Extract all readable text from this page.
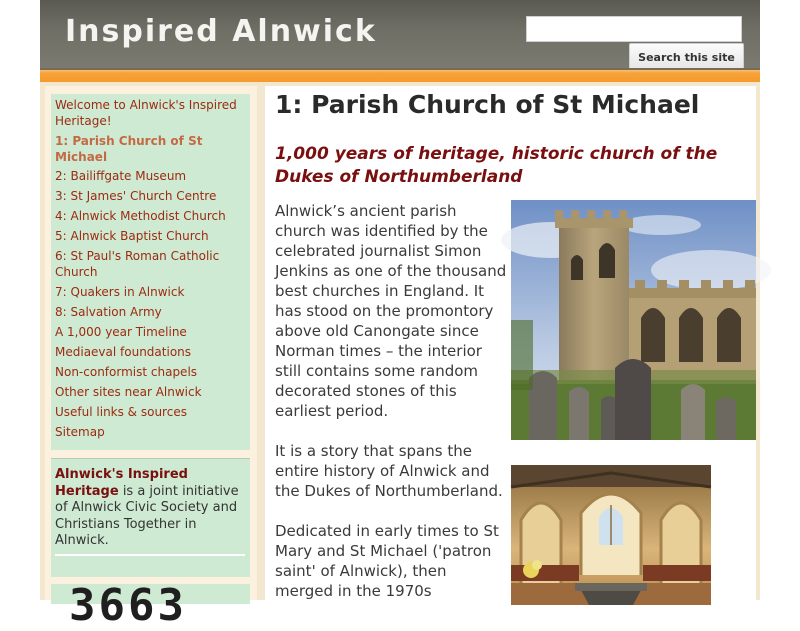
Inspired Alnwick
Search this site
Welcome to Alnwick's Inspired Heritage!
1: Parish Church of St Michael
2: Bailiffgate Museum
3: St James' Church Centre
4: Alnwick Methodist Church
5: Alnwick Baptist Church
6: St Paul's Roman Catholic Church
7: Quakers in Alnwick
8: Salvation Army
A 1,000 year Timeline
Mediaeval foundations
Non-conformist chapels
Other sites near Alnwick
Useful links & sources
Sitemap
Alnwick's Inspired Heritage is a joint initiative of Alnwick Civic Society and Christians Together in Alnwick.
3663
1: Parish Church of St Michael
1,000 years of heritage, historic church of the Dukes of Northumberland

Alnwick’s ancient parish church was identified by the celebrated journalist Simon Jenkins as one of the thousand best churches in England. It has stood on the promontory above old Canongate since Norman times – the interior still contains some random decorated stones of this earliest period.

It is a story that spans the entire history of Alnwick and the Dukes of Northumberland.

Dedicated in early times to St Mary and St Michael ('patron saint' of Alnwick), then merged in the 1970s
